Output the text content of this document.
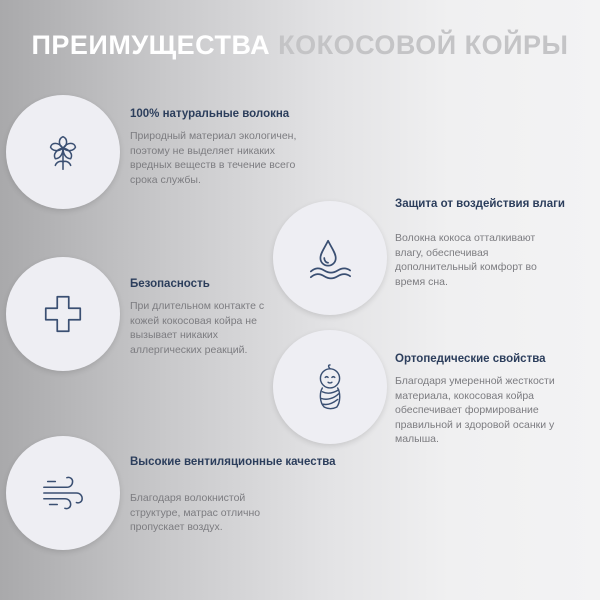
ПРЕИМУЩЕСТВА КОКОСОВОЙ КОЙРЫ
100% натуральные волокна
Природный материал экологичен, поэтому не выделяет никаких вредных веществ в течение всего срока службы.
Защита от воздействия влаги
Волокна кокоса отталкивают влагу, обеспечивая дополнительный комфорт во время сна.
Безопасность
При длительном контакте с кожей кокосовая койра не вызывает никаких аллергических реакций.
Ортопедические свойства
Благодаря умеренной жесткости материала, кокосовая койра обеспечивает формирование правильной и здоровой осанки у малыша.
Высокие вентиляционные качества
Благодаря волокнистой структуре, матрас отлично пропускает воздух.
